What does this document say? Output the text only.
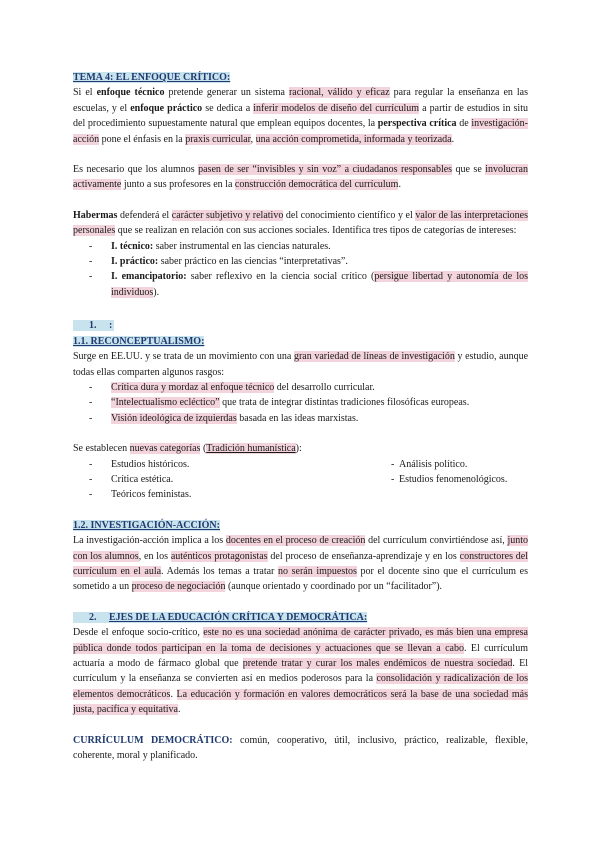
TEMA 4: EL ENFOQUE CRÍTICO:

Si el enfoque técnico pretende generar un sistema racional, válido y eficaz para regular la enseñanza en las escuelas, y el enfoque práctico se dedica a inferir modelos de diseño del currículum a partir de estudios in situ del procedimiento supuestamente natural que emplean equipos docentes, la perspectiva crítica de investigación-acción pone el énfasis en la praxis curricular, una acción comprometida, informada y teorizada.

Es necesario que los alumnos pasen de ser “invisibles y sin voz” a ciudadanos responsables que se involucran activamente junto a sus profesores en la construcción democrática del currículum.

Habermas defenderá el carácter subjetivo y relativo del conocimiento científico y el valor de las interpretaciones personales que se realizan en relación con sus acciones sociales. Identifica tres tipos de categorías de intereses:

- I. técnico: saber instrumental en las ciencias naturales.
- I. práctico: saber práctico en las ciencias “interpretativas”.
- I. emancipatorio: saber reflexivo en la ciencia social crítico (persigue libertad y autonomía de los individuos).

1. :

1.1. RECONCEPTUALISMO:

Surge en EE.UU. y se trata de un movimiento con una gran variedad de líneas de investigación y estudio, aunque todas ellas comparten algunos rasgos:

- Crítica dura y mordaz al enfoque técnico del desarrollo curricular.
- “Intelectualismo ecléctico” que trata de integrar distintas tradiciones filosóficas europeas.
- Visión ideológica de izquierdas basada en las ideas marxistas.

Se establecen nuevas categorías (Tradición humanística):

- Estudios históricos.
- Crítica estética.
- Teóricos feministas.
- Análisis político.
- Estudios fenomenológicos.

1.2. INVESTIGACIÓN-ACCIÓN:

La investigación-acción implica a los docentes en el proceso de creación del currículum convirtiéndose así, junto con los alumnos, en los auténticos protagonistas del proceso de enseñanza-aprendizaje y en los constructores del currículum en el aula. Además los temas a tratar no serán impuestos por el docente sino que el currículum es sometido a un proceso de negociación (aunque orientado y coordinado por un “facilitador”).

2. EJES DE LA EDUCACIÓN CRÍTICA Y DEMOCRÁTICA:

Desde el enfoque socio-crítico, este no es una sociedad anónima de carácter privado, es más bien una empresa pública donde todos participan en la toma de decisiones y actuaciones que se llevan a cabo. El currículum actuaría a modo de fármaco global que pretende tratar y curar los males endémicos de nuestra sociedad. El currículum y la enseñanza se convierten así en medios poderosos para la consolidación y radicalización de los elementos democráticos. La educación y formación en valores democráticos será la base de una sociedad más justa, pacífica y equitativa.

CURRÍCULUM DEMOCRÁTICO: común, cooperativo, útil, inclusivo, práctico, realizable, flexible, coherente, moral y planificado.
